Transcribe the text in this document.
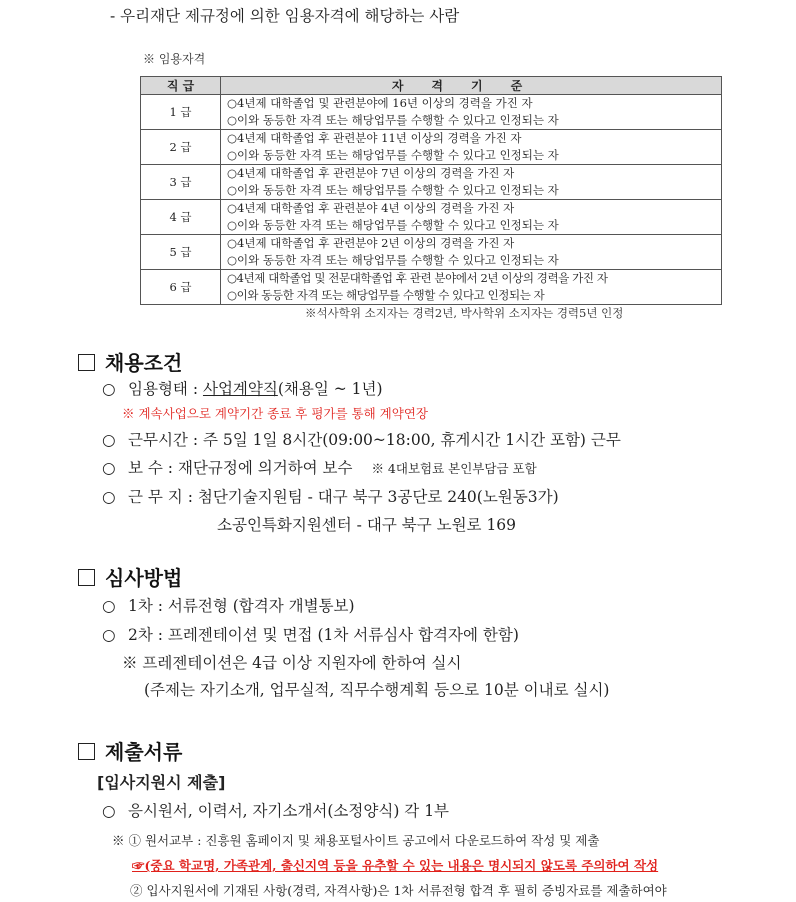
- 우리재단 제규정에 의한 임용자격에 해당하는 사람
※ 임용자격
직 급	자격기준
1 급	○4년제 대학졸업 및 관련분야에 16년 이상의 경력을 가진 자
○이와 동등한 자격 또는 해당업무를 수행할 수 있다고 인정되는 자

2 급	○4년제 대학졸업 후 관련분야 11년 이상의 경력을 가진 자
○이와 동등한 자격 또는 해당업무를 수행할 수 있다고 인정되는 자

3 급	○4년제 대학졸업 후 관련분야 7년 이상의 경력을 가진 자
○이와 동등한 자격 또는 해당업무를 수행할 수 있다고 인정되는 자

4 급	○4년제 대학졸업 후 관련분야 4년 이상의 경력을 가진 자
○이와 동등한 자격 또는 해당업무를 수행할 수 있다고 인정되는 자

5 급	○4년제 대학졸업 후 관련분야 2년 이상의 경력을 가진 자
○이와 동등한 자격 또는 해당업무를 수행할 수 있다고 인정되는 자

6 급	○4년제 대학졸업 및 전문대학졸업 후 관련 분야에서 2년 이상의 경력을 가진 자
○이와 동등한 자격 또는 해당업무를 수행할 수 있다고 인정되는 자
※석사학위 소지자는 경력2년, 박사학위 소지자는 경력5년 인정
채용조건
○ 임용형태 : 사업계약직(채용일 ~ 1년)
※ 계속사업으로 계약기간 종료 후 평가를 통해 계약연장
○ 근무시간 : 주 5일 1일 8시간(09:00~18:00, 휴게시간 1시간 포함) 근무
○ 보 수 : 재단규정에 의거하여 보수 ※ 4대보험료 본인부담금 포함
○ 근 무 지 : 첨단기술지원팀 - 대구 북구 3공단로 240(노원동3가)
소공인특화지원센터 - 대구 북구 노원로 169
심사방법
○ 1차 : 서류전형 (합격자 개별통보)
○ 2차 : 프레젠테이션 및 면접 (1차 서류심사 합격자에 한함)
※ 프레젠테이션은 4급 이상 지원자에 한하여 실시
(주제는 자기소개, 업무실적, 직무수행계획 등으로 10분 이내로 실시)
제출서류
[입사지원시 제출]
○ 응시원서, 이력서, 자기소개서(소정양식) 각 1부
※ ① 원서교부 : 진흥원 홈페이지 및 채용포털사이트 공고에서 다운로드하여 작성 및 제출
☞(중요 학교명, 가족관계, 출신지역 등을 유추할 수 있는 내용은 명시되지 않도록 주의하여 작성
② 입사지원서에 기재된 사항(경력, 자격사항)은 1차 서류전형 합격 후 필히 증빙자료를 제출하여야
